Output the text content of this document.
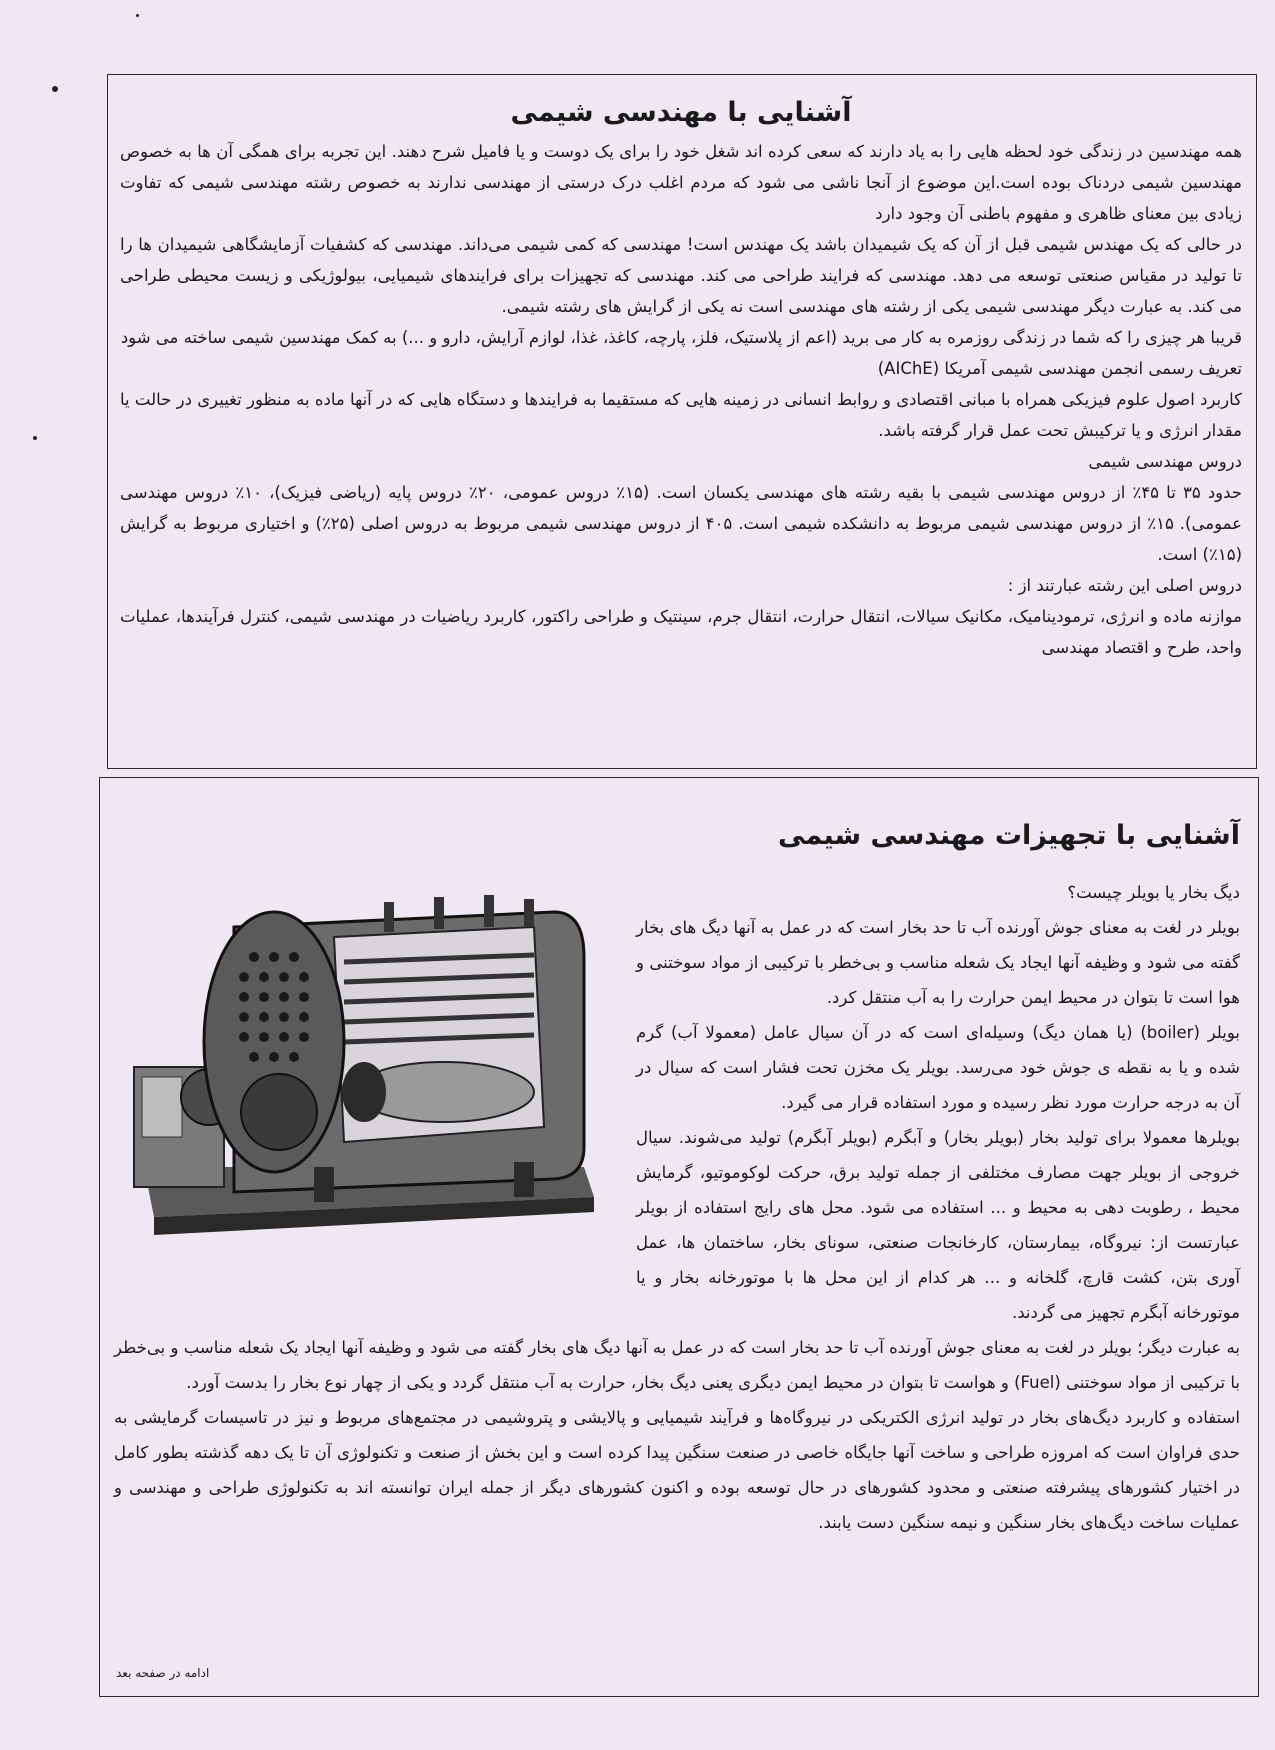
آشنایی با مهندسی شیمی

همه مهندسین در زندگی خود لحظه هایی را به یاد دارند که سعی کرده اند شغل خود را برای یک دوست و یا فامیل شرح دهند. این تجربه برای همگی آن ها به خصوص مهندسین شیمی دردناک بوده است.این موضوع از آنجا ناشی می شود که مردم اغلب درک درستی از مهندسی ندارند به خصوص رشته مهندسی شیمی که تفاوت زیادی بین معنای ظاهری و مفهوم باطنی آن وجود دارد

در حالی که یک مهندس شیمی قبل از آن که یک شیمیدان باشد یک مهندس است! مهندسی که کمی شیمی می‌داند. مهندسی که کشفیات آزمایشگاهی شیمیدان ها را تا تولید در مقیاس صنعتی توسعه می دهد. مهندسی که فرایند طراحی می کند. مهندسی که تجهیزات برای فرایندهای شیمیایی، بیولوژیکی و زیست محیطی طراحی می کند. به عبارت دیگر مهندسی شیمی یکی از رشته های مهندسی است نه یکی از گرایش های رشته شیمی.

قریبا هر چیزی را که شما در زندگی روزمره به کار می برید (اعم از پلاستیک، فلز، پارچه، کاغذ، غذا، لوازم آرایش، دارو و ...) به کمک مهندسین شیمی ساخته می شود

تعریف رسمی انجمن مهندسی شیمی آمریکا (AIChE)

کاربرد اصول علوم فیزیکی همراه با مبانی اقتصادی و روابط انسانی در زمینه هایی که مستقیما به فرایندها و دستگاه هایی که در آنها ماده به منظور تغییری در حالت یا مقدار انرژی و یا ترکیبش تحت عمل قرار گرفته باشد.

دروس مهندسی شیمی

حدود ۳۵ تا ۴۵٪ از دروس مهندسی شیمی با بقیه رشته های مهندسی یکسان است. (۱۵٪ دروس عمومی، ۲۰٪ دروس پایه (ریاضی فیزیک)، ۱۰٪ دروس مهندسی عمومی). ۱۵٪ از دروس مهندسی شیمی مربوط به دانشکده شیمی است. ۴۰۵ از دروس مهندسی شیمی مربوط به دروس اصلی (۲۵٪) و اختیاری مربوط به گرایش (۱۵٪) است.

دروس اصلی این رشته عبارتند از :

موازنه ماده و انرژی، ترمودینامیک، مکانیک سیالات، انتقال حرارت، انتقال جرم، سینتیک و طراحی راکتور، کاربرد ریاضیات در مهندسی شیمی، کنترل فرآیندها، عملیات واحد، طرح و اقتصاد مهندسی

آشنایی با تجهیزات مهندسی شیمی

دیگ بخار یا بویلر چیست؟

بویلر در لغت به معنای جوش آورنده آب تا حد بخار است که در عمل به آنها دیگ های بخار گفته می شود و وظیفه آنها ایجاد یک شعله مناسب و بی‌خطر با ترکیبی از مواد سوختنی و هوا است تا بتوان در محیط ایمن حرارت را به آب منتقل کرد.

بویلر (boiler) (یا همان دیگ) وسیله‌ای است که در آن سیال عامل (معمولا آب) گرم شده و یا به نقطه ی جوش خود می‌رسد. بویلر یک مخزن تحت فشار است که سیال در آن به درجه حرارت مورد نظر رسیده و مورد استفاده قرار می گیرد.

بویلرها معمولا برای تولید بخار (بویلر بخار) و آبگرم (بویلر آبگرم) تولید می‌شوند. سیال خروجی از بویلر جهت مصارف مختلفی از جمله تولید برق، حرکت لوکوموتیو، گرمایش محیط ، رطوبت دهی به محیط و ... استفاده می شود. محل های رایج استفاده از بویلر عبارتست از: نیروگاه، بیمارستان، کارخانجات صنعتی، سونای بخار، ساختمان ها، عمل آوری بتن، کشت قارچ، گلخانه و ... هر کدام از این محل ها با موتورخانه بخار و یا موتورخانه آبگرم تجهیز می گردند.

به عبارت دیگر؛ بویلر در لغت به معنای جوش آورنده آب تا حد بخار است که در عمل به آنها دیگ های بخار گفته می شود و وظیفه آنها ایجاد یک شعله مناسب و بی‌خطر با ترکیبی از مواد سوختنی (Fuel) و هواست تا بتوان در محیط ایمن دیگری یعنی دیگ بخار، حرارت به آب منتقل گردد و یکی از چهار نوع بخار را بدست آورد.

استفاده و کاربرد دیگ‌های بخار در تولید انرژی الکتریکی در نیروگاه‌ها و فرآیند شیمیایی و پالایشی و پتروشیمی در مجتمع‌های مربوط و نیز در تاسیسات گرمایشی به حدی فراوان است که امروزه طراحی و ساخت آنها جایگاه خاصی در صنعت سنگین پیدا کرده است و این بخش از صنعت و تکنولوژی آن تا یک دهه گذشته بطور کامل در اختیار کشورهای پیشرفته صنعتی و محدود کشورهای در حال توسعه بوده و اکنون کشورهای دیگر از جمله ایران توانسته اند به تکنولوژی طراحی و مهندسی و عملیات ساخت دیگ‌های بخار سنگین و نیمه سنگین دست یابند.

ادامه در صفحه بعد
